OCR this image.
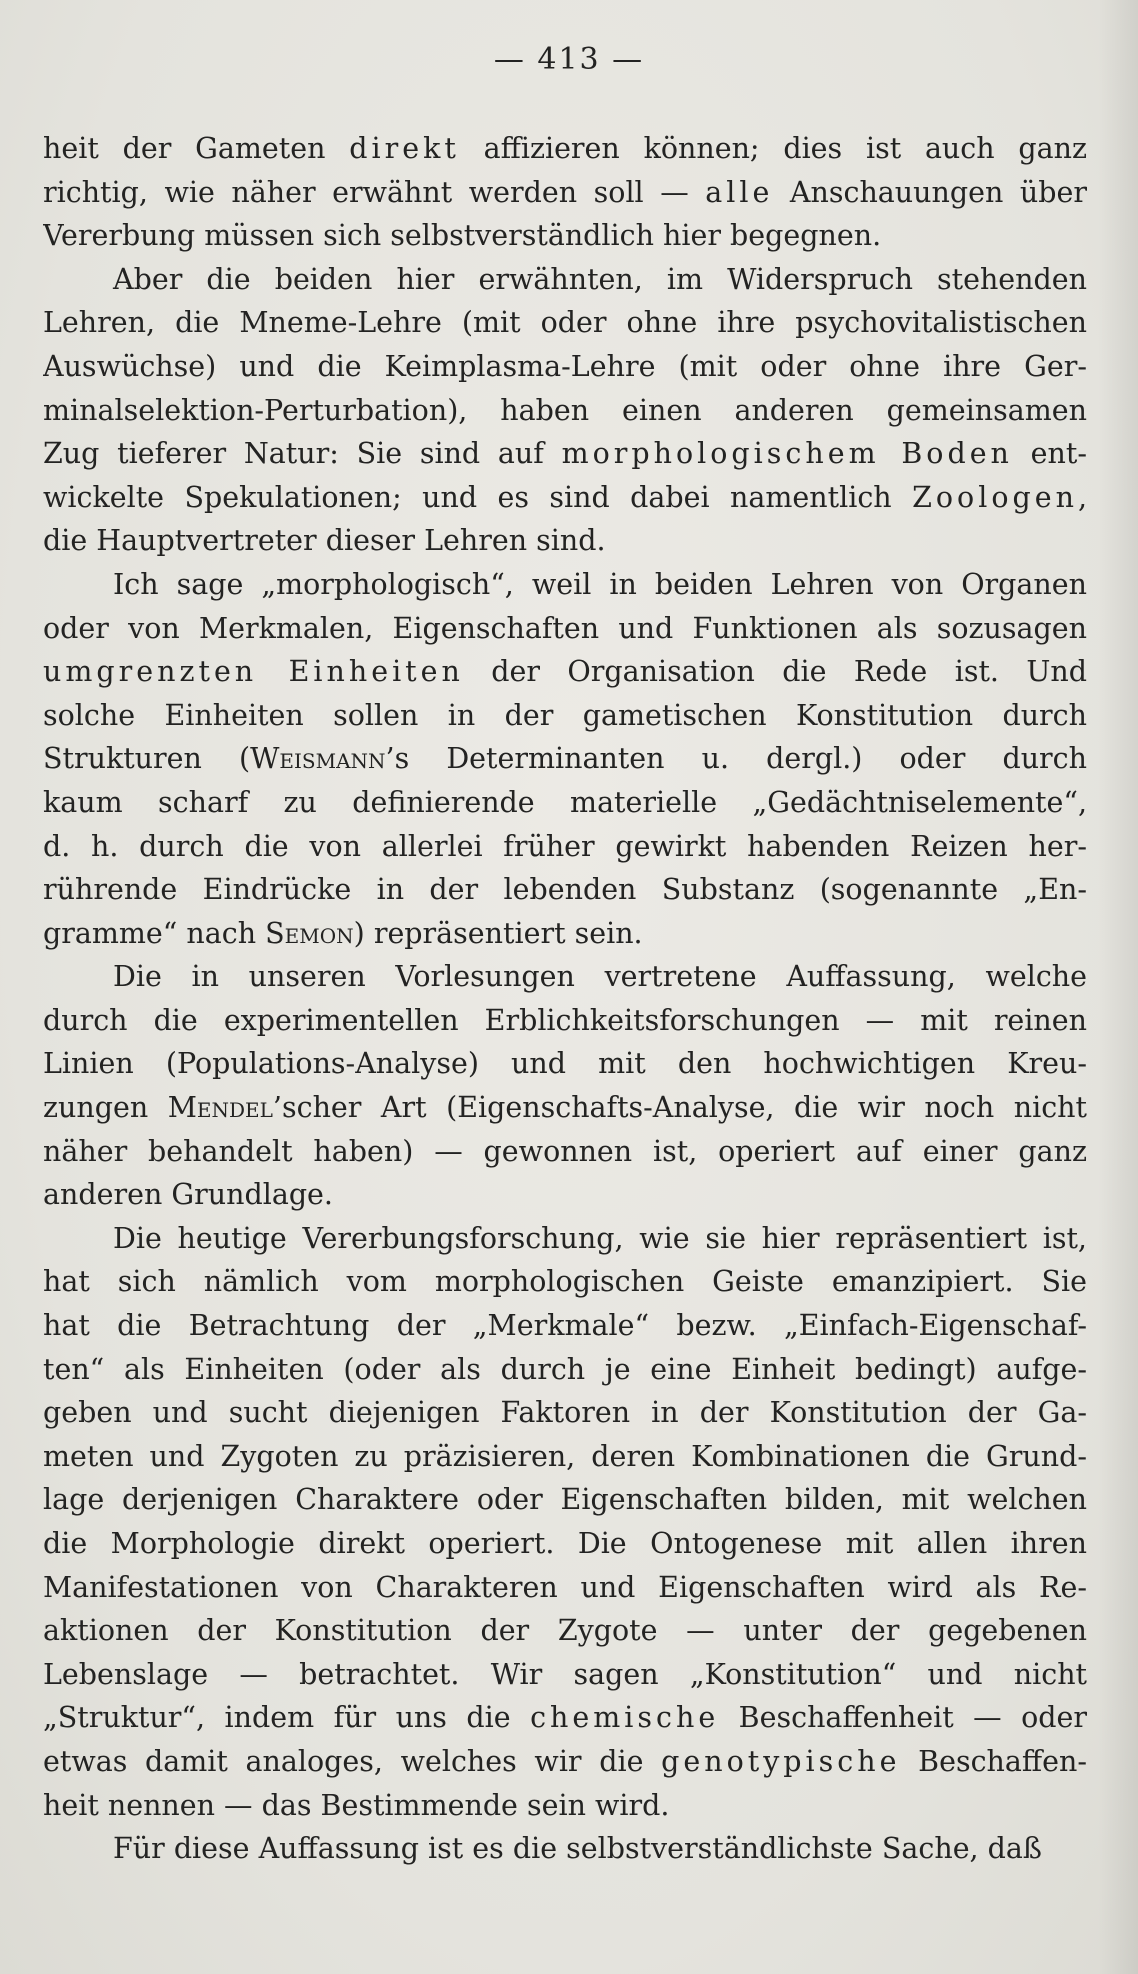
— 413 —
heit der Gameten direkt affizieren können; dies ist auch ganz
richtig, wie näher erwähnt werden soll — alle Anschauungen über
Vererbung müssen sich selbstverständlich hier begegnen.
Aber die beiden hier erwähnten, im Widerspruch stehenden
Lehren, die Mneme-Lehre (mit oder ohne ihre psychovitalistischen
Auswüchse) und die Keimplasma-Lehre (mit oder ohne ihre Ger-
minalselektion-Perturbation), haben einen anderen gemeinsamen
Zug tieferer Natur: Sie sind auf morphologischem Boden ent-
wickelte Spekulationen; und es sind dabei namentlich Zoologen,
die Hauptvertreter dieser Lehren sind.
Ich sage „morphologisch“, weil in beiden Lehren von Organen
oder von Merkmalen, Eigenschaften und Funktionen als sozusagen
umgrenzten Einheiten der Organisation die Rede ist. Und
solche Einheiten sollen in der gametischen Konstitution durch
Strukturen (Weismann’s Determinanten u. dergl.) oder durch
kaum scharf zu definierende materielle „Gedächtniselemente“,
d. h. durch die von allerlei früher gewirkt habenden Reizen her-
rührende Eindrücke in der lebenden Substanz (sogenannte „En-
gramme“ nach Semon) repräsentiert sein.
Die in unseren Vorlesungen vertretene Auffassung, welche
durch die experimentellen Erblichkeitsforschungen — mit reinen
Linien (Populations-Analyse) und mit den hochwichtigen Kreu-
zungen Mendel’scher Art (Eigenschafts-Analyse, die wir noch nicht
näher behandelt haben) — gewonnen ist, operiert auf einer ganz
anderen Grundlage.
Die heutige Vererbungsforschung, wie sie hier repräsentiert ist,
hat sich nämlich vom morphologischen Geiste emanzipiert. Sie
hat die Betrachtung der „Merkmale“ bezw. „Einfach-Eigenschaf-
ten“ als Einheiten (oder als durch je eine Einheit bedingt) aufge-
geben und sucht diejenigen Faktoren in der Konstitution der Ga-
meten und Zygoten zu präzisieren, deren Kombinationen die Grund-
lage derjenigen Charaktere oder Eigenschaften bilden, mit welchen
die Morphologie direkt operiert. Die Ontogenese mit allen ihren
Manifestationen von Charakteren und Eigenschaften wird als Re-
aktionen der Konstitution der Zygote — unter der gegebenen
Lebenslage — betrachtet. Wir sagen „Konstitution“ und nicht
„Struktur“, indem für uns die chemische Beschaffenheit — oder
etwas damit analoges, welches wir die genotypische Beschaffen-
heit nennen — das Bestimmende sein wird.
Für diese Auffassung ist es die selbstverständlichste Sache, daß
